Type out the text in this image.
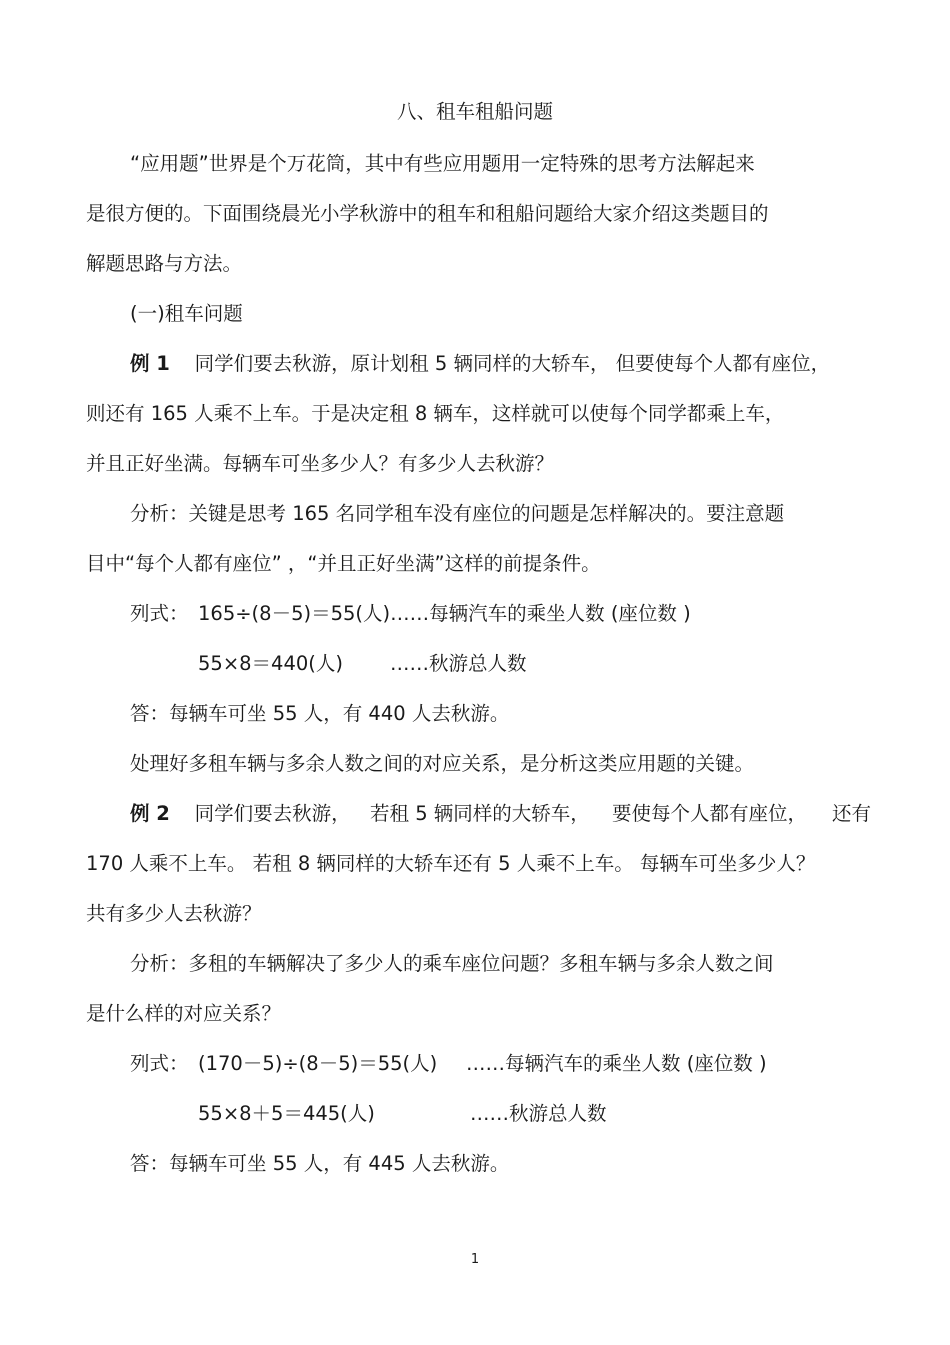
八、租车租船问题
“应用题”世界是个万花筒，其中有些应用题用一定特殊的思考方法解起来
是很方便的。下面围绕晨光小学秋游中的租车和租船问题给大家介绍这类题目的
解题思路与方法。
(一)租车问题
例 1 同学们要去秋游，原计划租 5 辆同样的大轿车， 但要使每个人都有座位，
则还有 165 人乘不上车。于是决定租 8 辆车，这样就可以使每个同学都乘上车，
并且正好坐满。每辆车可坐多少人？有多少人去秋游？
分析：关键是思考 165 名同学租车没有座位的问题是怎样解决的。要注意题
目中“每个人都有座位” ，“并且正好坐满”这样的前提条件。
列式： 165÷(8－5)＝55(人)……每辆汽车的乘坐人数 (座位数 )
55×8＝440(人) ……秋游总人数
答：每辆车可坐 55 人，有 440 人去秋游。
处理好多租车辆与多余人数之间的对应关系，是分析这类应用题的关键。
例 2 同学们要去秋游， 若租 5 辆同样的大轿车， 要使每个人都有座位， 还有
170 人乘不上车。 若租 8 辆同样的大轿车还有 5 人乘不上车。 每辆车可坐多少人？
共有多少人去秋游？
分析：多租的车辆解决了多少人的乘车座位问题？多租车辆与多余人数之间
是什么样的对应关系？
列式： (170－5)÷(8－5)＝55(人) ……每辆汽车的乘坐人数 (座位数 )
55×8＋5＝445(人)	……秋游总人数
答：每辆车可坐 55 人，有 445 人去秋游。
1
